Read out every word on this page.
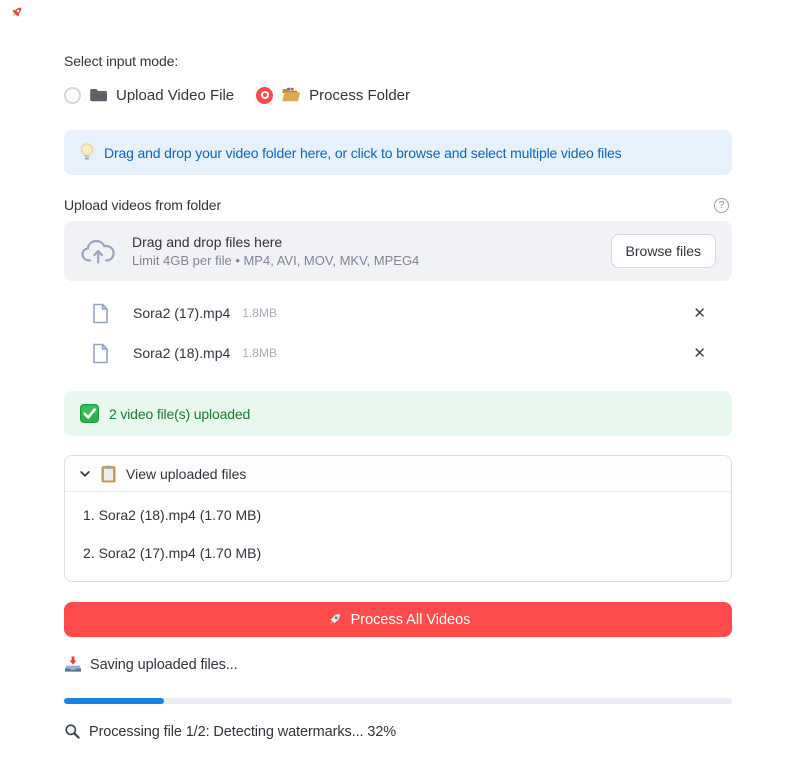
Select input mode:
Upload Video File	Process Folder
Drag and drop your video folder here, or click to browse and select multiple video files
Upload videos from folder	?
Drag and drop files here
Limit 4GB per file • MP4, AVI, MOV, MKV, MPEG4
Browse files
Sora2 (17).mp4 1.8MB	✕
Sora2 (18).mp4 1.8MB	✕
2 video file(s) uploaded
View uploaded files
1. Sora2 (18).mp4 (1.70 MB)
2. Sora2 (17).mp4 (1.70 MB)
Process All Videos
Saving uploaded files...
Processing file 1/2: Detecting watermarks... 32%
